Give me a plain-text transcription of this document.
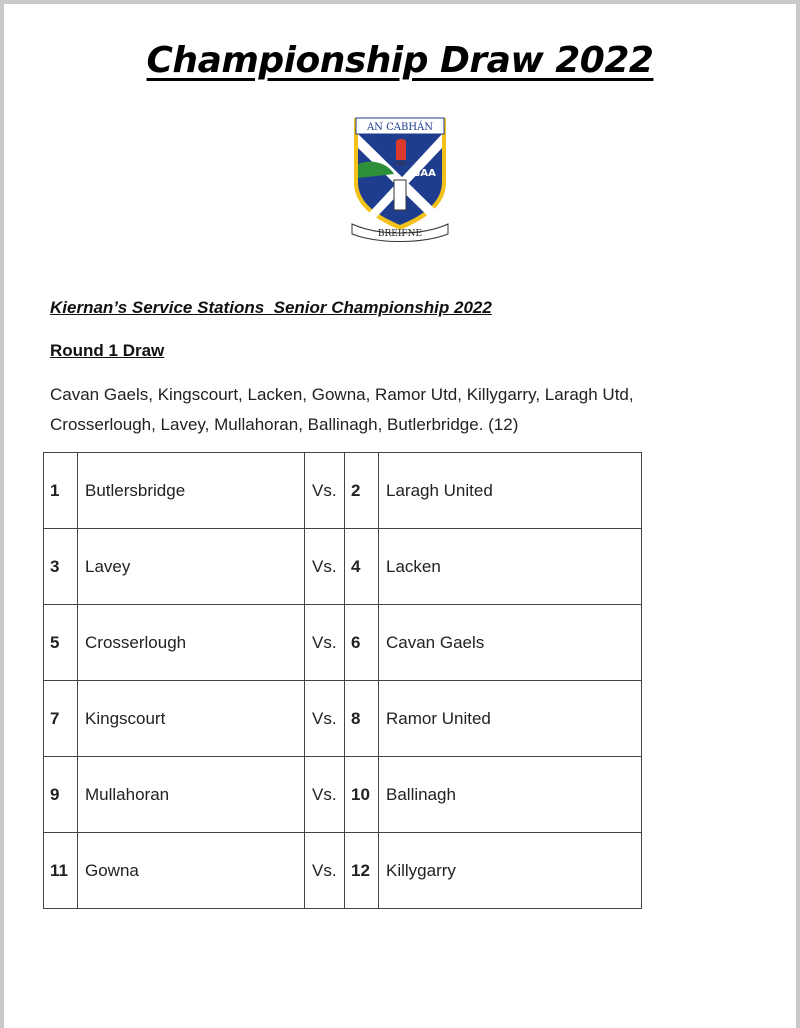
Championship Draw 2022
AN CABHÁN
1886
GAA
BREIFNE
Kiernan’s Service Stations  Senior Championship 2022
Round 1 Draw
Cavan Gaels, Kingscourt, Lacken, Gowna, Ramor Utd, Killygarry, Laragh Utd,
Crosserlough, Lavey, Mullahoran, Ballinagh, Butlerbridge. (12)
1	Butlersbridge	Vs.	2	Laragh United
3	Lavey	Vs.	4	Lacken
5	Crosserlough	Vs.	6	Cavan Gaels
7	Kingscourt	Vs.	8	Ramor United
9	Mullahoran	Vs.	10	Ballinagh
11	Gowna	Vs.	12	Killygarry
